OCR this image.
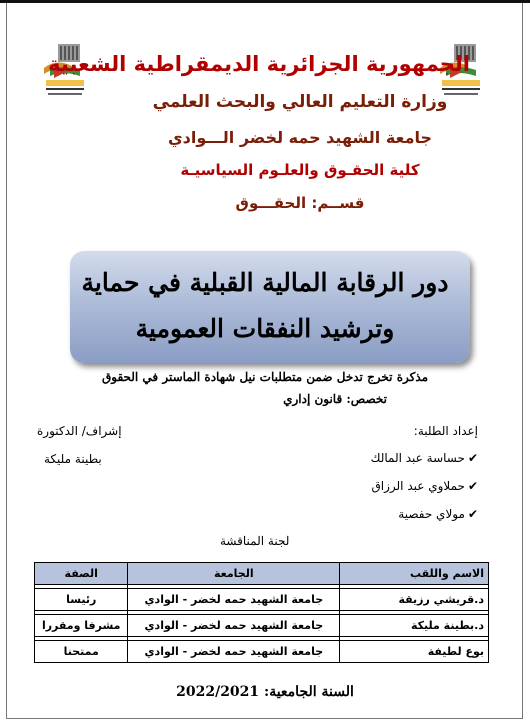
الجمهورية الجزائرية الديمقراطية الشعبية
وزارة التعليم العالي والبحث العلمي
جامعة الشهيد حمه لخضر الـــوادي
كلية الحقـوق والعلـوم السياسيـة
قســم: الحقـــوق
دور الرقابة المالية القبلية في حماية
وترشيد النفقات العمومية
مذكرة تخرج تدخل ضمن متطلبات نيل شهادة الماستر في الحقوق
تخصص: قانون إداري
إعداد الطلبة:
إشراف/ الدكتورة
بطينة مليكة	✔حساسة عبد المالك
✔حملاوي عبد الرزاق
✔مولاي حفصية
لجنة المناقشة
الاسم واللقب	الجامعة	الصفة

د.قريشي رزيقة	جامعة الشهيد حمه لخضر - الوادي	رئيسا

د.بطينة مليكة	جامعة الشهيد حمه لخضر - الوادي	مشرفا ومقررا

بوع لطيفة	جامعة الشهيد حمه لخضر - الوادي	ممتحنا
السنة الجامعية: 2022/2021
